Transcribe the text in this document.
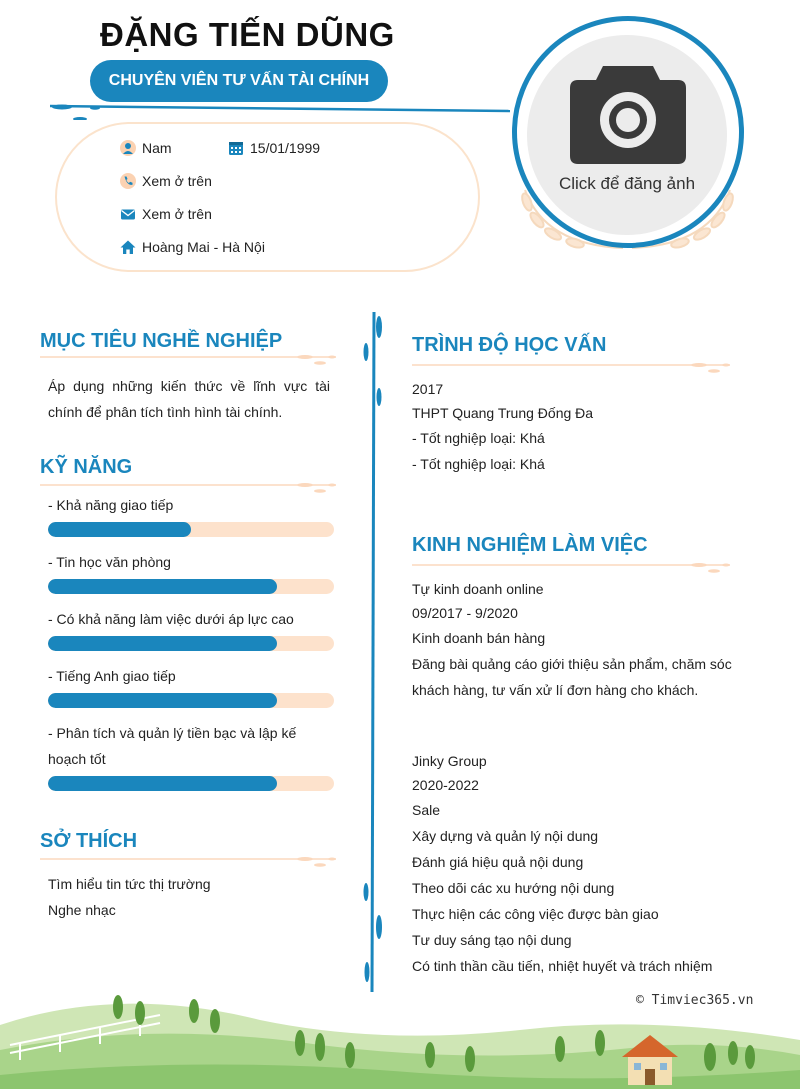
ĐẶNG TIẾN DŨNG
CHUYÊN VIÊN TƯ VẤN TÀI CHÍNH
Nam	15/01/1999
Xem ở trên
Xem ở trên
Hoàng Mai - Hà Nội
Click để đăng ảnh
MỤC TIÊU NGHỀ NGHIỆP
Áp dụng những kiến thức về lĩnh vực tài chính để phân tích tình hình tài chính.
KỸ NĂNG
- Khả năng giao tiếp
- Tin học văn phòng
- Có khả năng làm việc dưới áp lực cao
- Tiếng Anh giao tiếp
- Phân tích và quản lý tiền bạc và lập kế hoạch tốt
SỞ THÍCH
Tìm hiểu tin tức thị trường
Nghe nhạc
TRÌNH ĐỘ HỌC VẤN
2017
THPT Quang Trung Đống Đa
- Tốt nghiệp loại: Khá
- Tốt nghiệp loại: Khá
KINH NGHIỆM LÀM VIỆC
Tự kinh doanh online
09/2017 - 9/2020
Kinh doanh bán hàng
Đăng bài quảng cáo giới thiệu sản phẩm, chăm sóc khách hàng, tư vấn xử lí đơn hàng cho khách.
Jinky Group
2020-2022
Sale
Xây dựng và quản lý nội dung
Đánh giá hiệu quả nội dung
Theo dõi các xu hướng nội dung
Thực hiện các công việc được bàn giao
Tư duy sáng tạo nội dung
Có tinh thần cầu tiến, nhiệt huyết và trách nhiệm
© Timviec365.vn
